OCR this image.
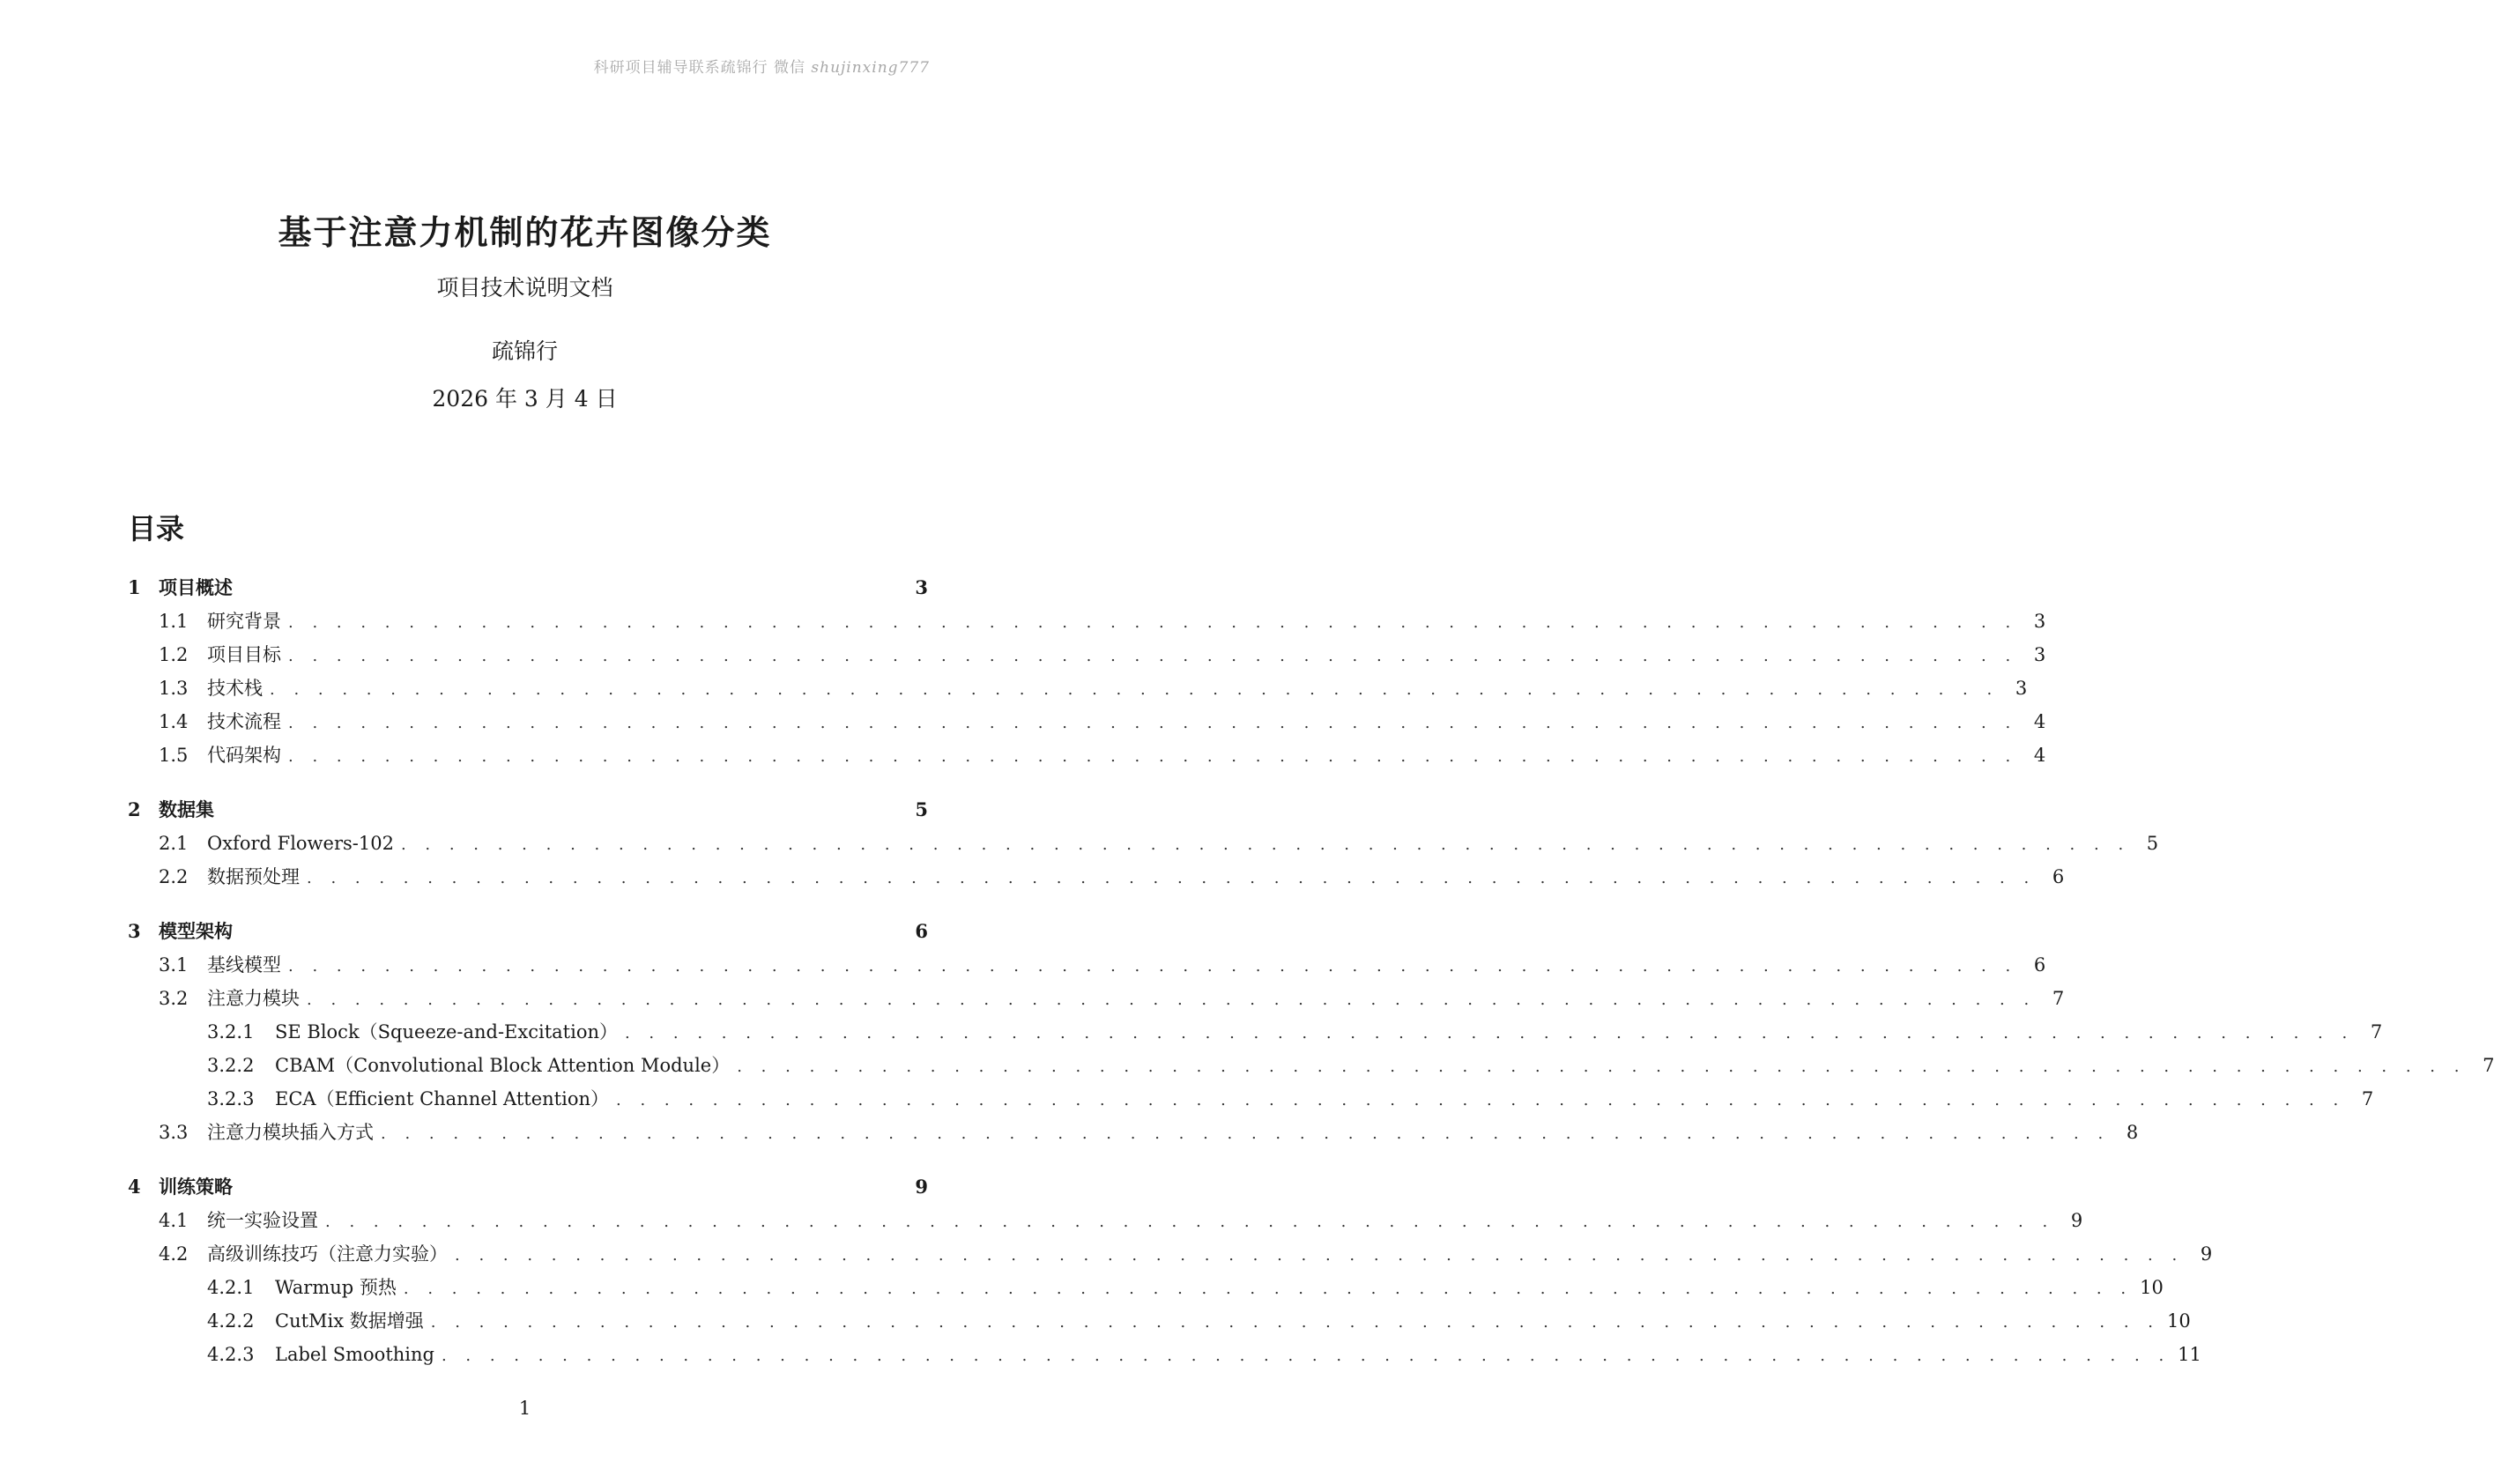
科研项目辅导联系疏锦行 微信 shujinxing777
基于注意力机制的花卉图像分类
项目技术说明文档
疏锦行
2026 年 3 月 4 日
目录
1 项目概述	3
1.1	研究背景 . . . . . . . . . . . . . . . . . . . . . . . . . . . . . . . . . . . . . . . . . . . . . . . . . . . . . . . . . . . . . . . . . . . . . . . . 3
1.2	项目目标 . . . . . . . . . . . . . . . . . . . . . . . . . . . . . . . . . . . . . . . . . . . . . . . . . . . . . . . . . . . . . . . . . . . . . . . . 3
1.3	技术栈 . . . . . . . . . . . . . . . . . . . . . . . . . . . . . . . . . . . . . . . . . . . . . . . . . . . . . . . . . . . . . . . . . . . . . . . . 3
1.4	技术流程 . . . . . . . . . . . . . . . . . . . . . . . . . . . . . . . . . . . . . . . . . . . . . . . . . . . . . . . . . . . . . . . . . . . . . . . . 4
1.5	代码架构 . . . . . . . . . . . . . . . . . . . . . . . . . . . . . . . . . . . . . . . . . . . . . . . . . . . . . . . . . . . . . . . . . . . . . . . . 4
2 数据集	5
2.1	Oxford Flowers-102 . . . . . . . . . . . . . . . . . . . . . . . . . . . . . . . . . . . . . . . . . . . . . . . . . . . . . . . . . . . . . . . . . . . . . . . . 5
2.2	数据预处理 . . . . . . . . . . . . . . . . . . . . . . . . . . . . . . . . . . . . . . . . . . . . . . . . . . . . . . . . . . . . . . . . . . . . . . . . 6
3 模型架构	6
3.1	基线模型 . . . . . . . . . . . . . . . . . . . . . . . . . . . . . . . . . . . . . . . . . . . . . . . . . . . . . . . . . . . . . . . . . . . . . . . . 6
3.2	注意力模块 . . . . . . . . . . . . . . . . . . . . . . . . . . . . . . . . . . . . . . . . . . . . . . . . . . . . . . . . . . . . . . . . . . . . . . . . 7
3.2.1	SE Block（Squeeze-and-Excitation） . . . . . . . . . . . . . . . . . . . . . . . . . . . . . . . . . . . . . . . . . . . . . . . . . . . . . . . . . . . . . . . . . . . . . . . . 7
3.2.2	CBAM（Convolutional Block Attention Module） . . . . . . . . . . . . . . . . . . . . . . . . . . . . . . . . . . . . . . . . . . . . . . . . . . . . . . . . . . . . . . . . . . . . . . . . 7
3.2.3	ECA（Efficient Channel Attention） . . . . . . . . . . . . . . . . . . . . . . . . . . . . . . . . . . . . . . . . . . . . . . . . . . . . . . . . . . . . . . . . . . . . . . . . 7
3.3	注意力模块插入方式 . . . . . . . . . . . . . . . . . . . . . . . . . . . . . . . . . . . . . . . . . . . . . . . . . . . . . . . . . . . . . . . . . . . . . . . . 8
4 训练策略	9
4.1	统一实验设置 . . . . . . . . . . . . . . . . . . . . . . . . . . . . . . . . . . . . . . . . . . . . . . . . . . . . . . . . . . . . . . . . . . . . . . . . 9
4.2	高级训练技巧（注意力实验） . . . . . . . . . . . . . . . . . . . . . . . . . . . . . . . . . . . . . . . . . . . . . . . . . . . . . . . . . . . . . . . . . . . . . . . . 9
4.2.1	Warmup 预热 . . . . . . . . . . . . . . . . . . . . . . . . . . . . . . . . . . . . . . . . . . . . . . . . . . . . . . . . . . . . . . . . . . . . . . . . 10
4.2.2	CutMix 数据增强 . . . . . . . . . . . . . . . . . . . . . . . . . . . . . . . . . . . . . . . . . . . . . . . . . . . . . . . . . . . . . . . . . . . . . . . . 10
4.2.3	Label Smoothing . . . . . . . . . . . . . . . . . . . . . . . . . . . . . . . . . . . . . . . . . . . . . . . . . . . . . . . . . . . . . . . . . . . . . . . . 11
1
